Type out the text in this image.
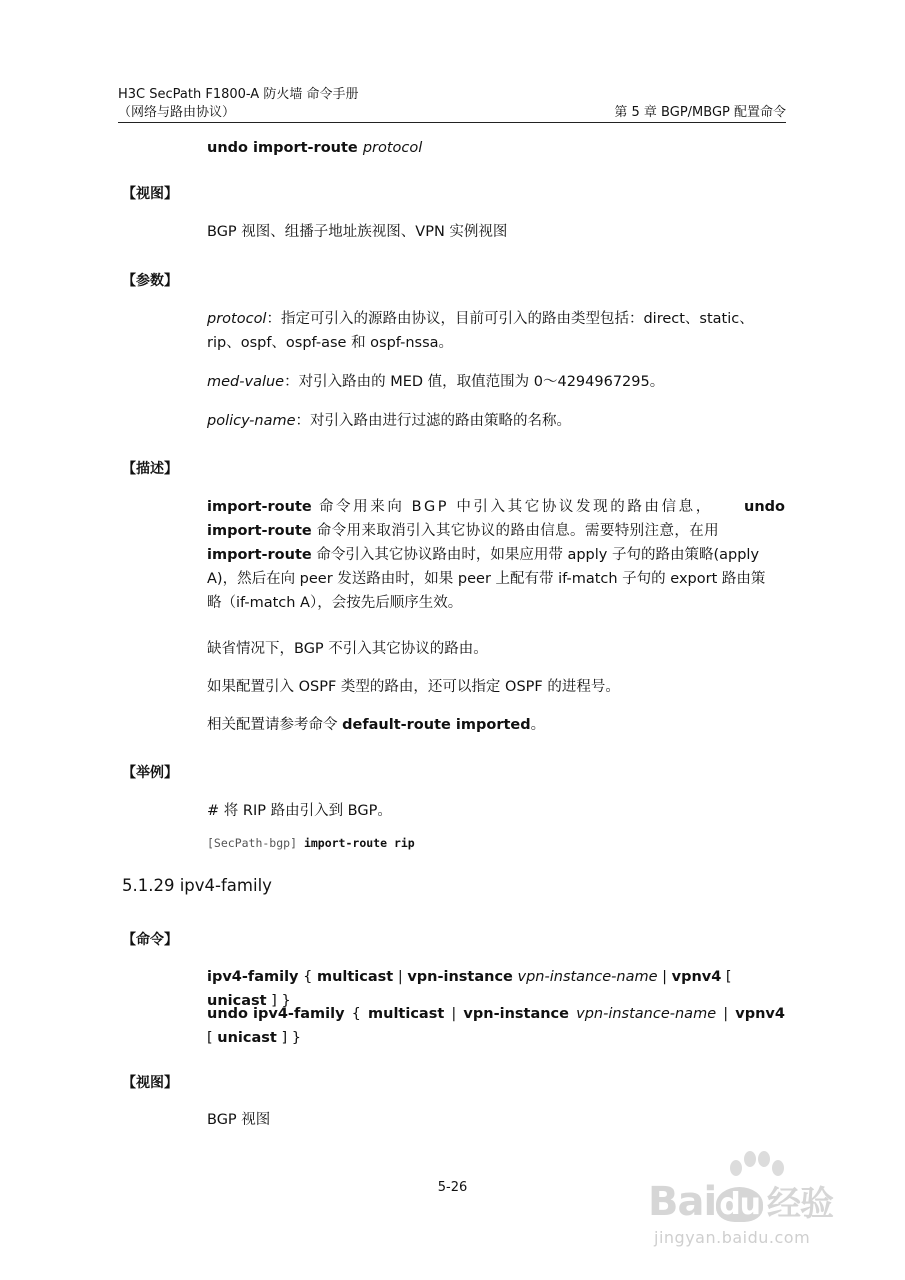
H3C SecPath F1800-A 防火墙 命令手册
（网络与路由协议）	第 5 章 BGP/MBGP 配置命令
undo import-route protocol
【视图】
BGP 视图、组播子地址族视图、VPN 实例视图
【参数】
protocol：指定可引入的源路由协议，目前可引入的路由类型包括：direct、static、
rip、ospf、ospf-ase 和 ospf-nssa。
med-value：对引入路由的 MED 值，取值范围为 0～4294967295。
policy-name：对引入路由进行过滤的路由策略的名称。
【描述】
import-route 命令用来向 BGP 中引入其它协议发现的路由信息， undo
import-route 命令用来取消引入其它协议的路由信息。需要特别注意，在用
import-route 命令引入其它协议路由时，如果应用带 apply 子句的路由策略(apply
A)，然后在向 peer 发送路由时，如果 peer 上配有带 if-match 子句的 export 路由策
略（if-match A），会按先后顺序生效。
缺省情况下，BGP 不引入其它协议的路由。
如果配置引入 OSPF 类型的路由，还可以指定 OSPF 的进程号。
相关配置请参考命令 default-route imported。
【举例】
# 将 RIP 路由引入到 BGP。
[SecPath-bgp] import-route rip
5.1.29 ipv4-family
【命令】
ipv4-family { multicast | vpn-instance vpn-instance-name | vpnv4 [ unicast ] }
undo ipv4-family { multicast | vpn-instance vpn-instance-name | vpnv4
[ unicast ] }
【视图】
BGP 视图
5-26	Bai du 经验
jingyan.baidu.com
